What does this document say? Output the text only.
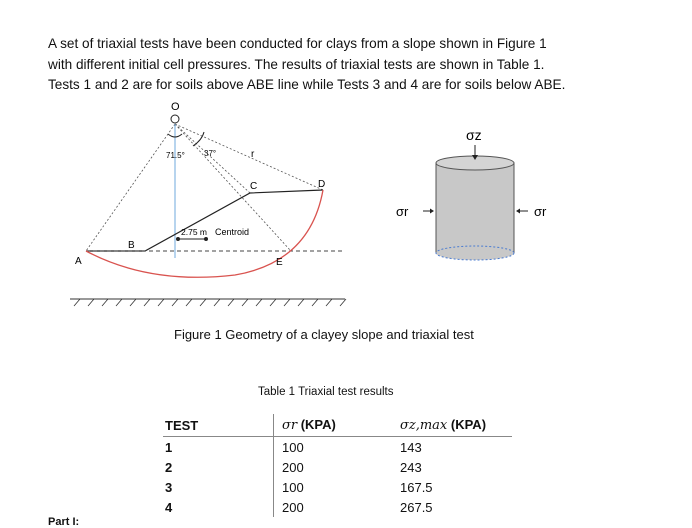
A set of triaxial tests have been conducted for clays from a slope shown in Figure 1

with different initial cell pressures. The results of triaxial tests are shown in Table 1.

Tests 1 and 2 are for soils above ABE line while Tests 3 and 4 are for soils below ABE.

O
71.5° 37°	r
C	D
2.75 m Centroid
B
A	E
σz
σr	σr
Figure 1 Geometry of a clayey slope and triaxial test
Table 1 Triaxial test results
TEST	σr (KPA)	σz,max (KPA)
1	100	143
2	200	243
3	100	167.5
4	200	267.5
Part I:
